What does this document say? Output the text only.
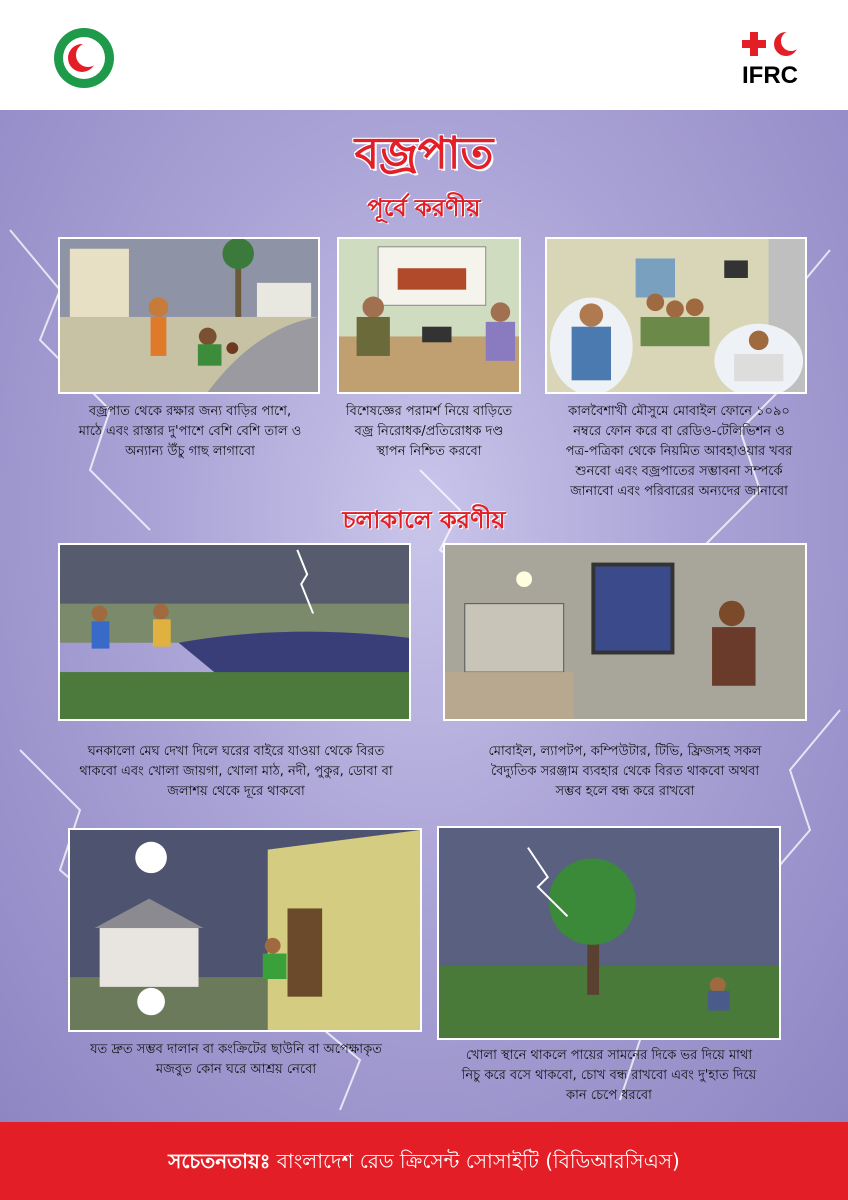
IFRC
বজ্রপাত
পূর্বে করণীয়
বজ্রপাত থেকে রক্ষার জন্য বাড়ির পাশে,
মাঠে এবং রাস্তার দু'পাশে বেশি বেশি তাল ও
অন্যান্য উঁচু গাছ লাগাবো
বিশেষজ্ঞের পরামর্শ নিয়ে বাড়িতে
বজ্র নিরোধক/প্রতিরোধক দণ্ড
স্থাপন নিশ্চিত করবো
কালবৈশাখী মৌসুমে মোবাইল ফোনে ১০৯০
নম্বরে ফোন করে বা রেডিও-টেলিভিশন ও
পত্র-পত্রিকা থেকে নিয়মিত আবহাওয়ার খবর
শুনবো এবং বজ্রপাতের সম্ভাবনা সম্পর্কে
জানাবো এবং পরিবারের অন্যদের জানাবো
চলাকালে করণীয়
ঘনকালো মেঘ দেখা দিলে ঘরের বাইরে যাওয়া থেকে বিরত
থাকবো এবং খোলা জায়গা, খোলা মাঠ, নদী, পুকুর, ডোবা বা
জলাশয় থেকে দূরে থাকবো
মোবাইল, ল্যাপটপ, কম্পিউটার, টিভি, ফ্রিজসহ সকল
বৈদ্যুতিক সরঞ্জাম ব্যবহার থেকে বিরত থাকবো অথবা
সম্ভব হলে বন্ধ করে রাখবো
যত দ্রুত সম্ভব দালান বা কংক্রিটের ছাউনি বা অপেক্ষাকৃত
মজবুত কোন ঘরে আশ্রয় নেবো
খোলা স্থানে থাকলে পায়ের সামনের দিকে ভর দিয়ে মাথা
নিচু করে বসে থাকবো, চোখ বন্ধ রাখবো এবং দু'হাত দিয়ে
কান চেপে ধরবো
সচেতনতায়ঃ বাংলাদেশ রেড ক্রিসেন্ট সোসাইটি (বিডিআরসিএস)
